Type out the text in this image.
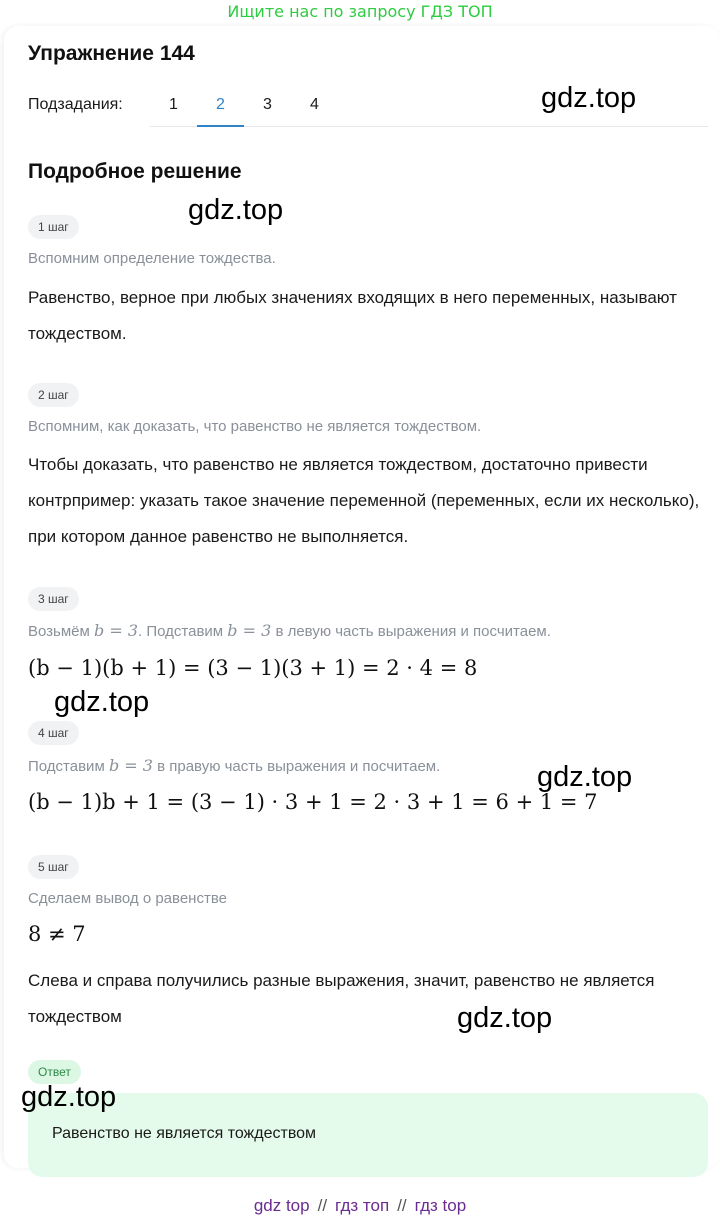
Ищите нас по запросу ГДЗ ТОП
Упражнение 144
Подзадания:	1	2	3	4
Подробное решение
1 шаг
Вспомним определение тождества.
Равенство, верное при любых значениях входящих в него переменных, называют тождеством.
2 шаг
Вспомним, как доказать, что равенство не является тождеством.
Чтобы доказать, что равенство не является тождеством, достаточно привести контрпример: указать такое значение переменной (переменных, если их несколько), при котором данное равенство не выполняется.
3 шаг
Возьмём b = 3. Подставим b = 3 в левую часть выражения и посчитаем.
(b − 1)(b + 1) = (3 − 1)(3 + 1) = 2 · 4 = 8
4 шаг
Подставим b = 3 в правую часть выражения и посчитаем.
(b − 1)b + 1 = (3 − 1) · 3 + 1 = 2 · 3 + 1 = 6 + 1 = 7
5 шаг
Сделаем вывод о равенстве
8 ≠ 7
Слева и справа получились разные выражения, значит, равенство не является тождеством
Ответ
Равенство не является тождеством
gdz.top
gdz.top
gdz.top
gdz.top
gdz.top
gdz.top
gdz top // гдз топ // гдз top
